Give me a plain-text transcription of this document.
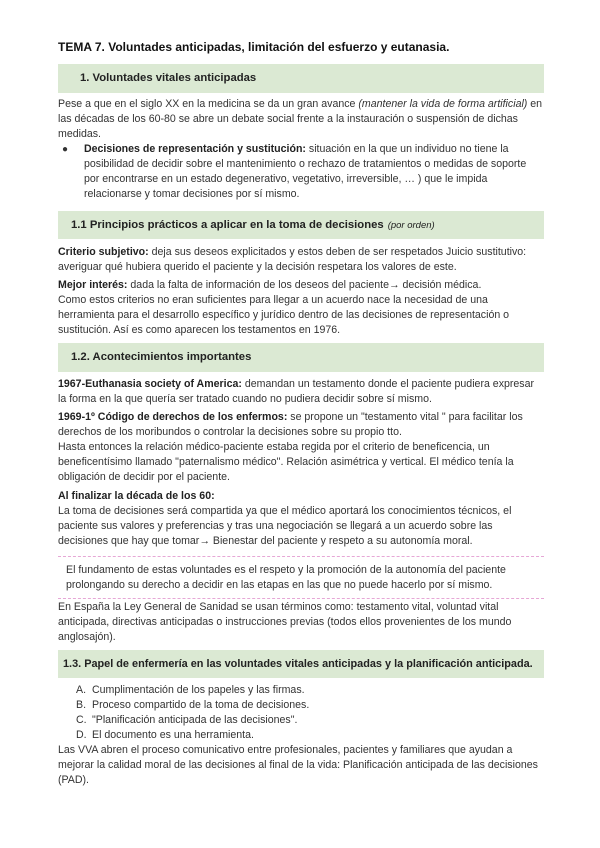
TEMA 7. Voluntades anticipadas, limitación del esfuerzo y eutanasia.
1. Voluntades vitales anticipadas

Pese a que en el siglo XX en la medicina se da un gran avance (mantener la vida de forma artificial) en las décadas de los 60-80 se abre un debate social frente a la instauración o suspensión de dichas medidas.

● Decisiones de representación y sustitución: situación en la que un individuo no tiene la posibilidad de decidir sobre el mantenimiento o rechazo de tratamientos o medidas de soporte por encontrarse en un estado degenerativo, vegetativo, irreversible, … ) que le impida relacionarse y tomar decisiones por sí mismo.
1.1 Principios prácticos a aplicar en la toma de decisiones (por orden)

Criterio subjetivo: deja sus deseos explicitados y estos deben de ser respetados Juicio sustitutivo: averiguar qué hubiera querido el paciente y la decisión respetara los valores de este.

Mejor interés: dada la falta de información de los deseos del paciente→ decisión médica.

Como estos criterios no eran suficientes para llegar a un acuerdo nace la necesidad de una herramienta para el desarrollo específico y jurídico dentro de las decisiones de representación o sustitución. Así es como aparecen los testamentos en 1976.

1.2. Acontecimientos importantes

1967-Euthanasia society of America: demandan un testamento donde el paciente pudiera expresar la forma en la que quería ser tratado cuando no pudiera decidir sobre sí mismo.

1969-1º Código de derechos de los enfermos: se propone un "testamento vital " para facilitar los derechos de los moribundos o controlar la decisiones sobre su propio tto.

Hasta entonces la relación médico-paciente estaba regida por el criterio de beneficencia, un beneficentísimo llamado "paternalismo médico". Relación asimétrica y vertical. El médico tenía la obligación de decidir por el paciente.

Al finalizar la década de los 60:

La toma de decisiones será compartida ya que el médico aportará los conocimientos técnicos, el paciente sus valores y preferencias y tras una negociación se llegará a un acuerdo sobre las decisiones que hay que tomar→ Bienestar del paciente y respeto a su autonomía moral.

El fundamento de estas voluntades es el respeto y la promoción de la autonomía del paciente prolongando su derecho a decidir en las etapas en las que no puede hacerlo por sí mismo.

En España la Ley General de Sanidad se usan términos como: testamento vital, voluntad vital anticipada, directivas anticipadas o instrucciones previas (todos ellos provenientes de los mundo anglosajón).

1.3. Papel de enfermería en las voluntades vitales anticipadas y la planificación anticipada.
A. Cumplimentación de los papeles y las firmas.
B. Proceso compartido de la toma de decisiones.
C. "Planificación anticipada de las decisiones".
D. El documento es una herramienta.

Las VVA abren el proceso comunicativo entre profesionales, pacientes y familiares que ayudan a mejorar la calidad moral de las decisiones al final de la vida: Planificación anticipada de las decisiones (PAD).
